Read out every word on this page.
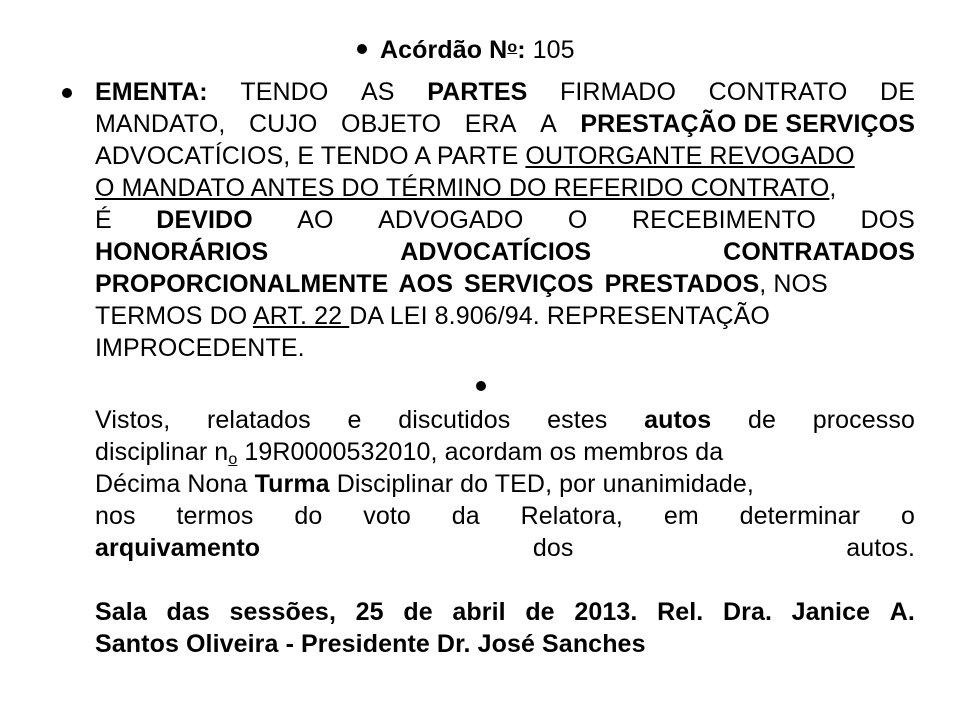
Acórdão $N^o$: 105
EMENTA: TENDO AS PARTES FIRMADO CONTRATO DE
MANDATO, CUJO OBJETO ERA A PRESTAÇÃO DE SERVIÇOS
ADVOCATÍCIOS, E TENDO A PARTE OUTORGANTE REVOGADO
O MANDATO ANTES DO TÉRMINO DO REFERIDO CONTRATO,
É DEVIDO AO ADVOGADO O RECEBIMENTO DOS
HONORÁRIOS	ADVOCATÍCIOS	CONTRATADOS
PROPORCIONALMENTE AOS SERVIÇOS PRESTADOS, NOS
TERMOS DO ART. 22 DA LEI 8.906/94. REPRESENTAÇÃO
IMPROCEDENTE.
Vistos, relatados e discutidos estes autos de processo
disciplinar $n_o$ 19R0000532010, acordam os membros da
Décima Nona Turma Disciplinar do TED, por unanimidade,
nos termos do voto da Relatora, em determinar o
arquivamento	dos	autos.
Sala das sessões, 25 de abril de 2013. Rel. Dra. Janice A.
Santos Oliveira - Presidente Dr. José Sanches
